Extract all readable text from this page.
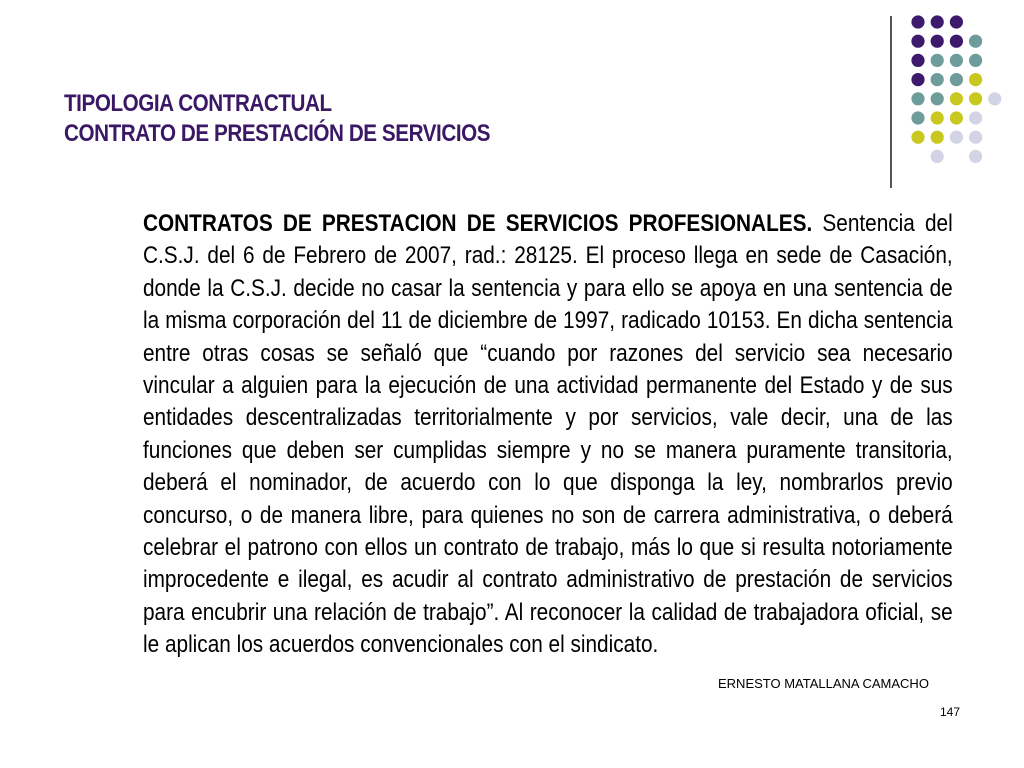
TIPOLOGIA CONTRACTUAL
CONTRATO DE PRESTACIÓN DE SERVICIOS
CONTRATOS DE PRESTACION DE SERVICIOS PROFESIONALES. Sentencia del C.S.J. del 6 de Febrero de 2007, rad.: 28125. El proceso llega en sede de Casación, donde la C.S.J. decide no casar la sentencia y para ello se apoya en una sentencia de la misma corporación del 11 de diciembre de 1997, radicado 10153. En dicha sentencia entre otras cosas se señaló que “cuando por razones del servicio sea necesario vincular a alguien para la ejecución de una actividad permanente del Estado y de sus entidades descentralizadas territorialmente y por servicios, vale decir, una de las funciones que deben ser cumplidas siempre y no se manera puramente transitoria, deberá el nominador, de acuerdo con lo que disponga la ley, nombrarlos previo concurso, o de manera libre, para quienes no son de carrera administrativa, o deberá celebrar el patrono con ellos un contrato de trabajo, más lo que si resulta notoriamente improcedente e ilegal, es acudir al contrato administrativo de prestación de servicios para encubrir una relación de trabajo”. Al reconocer la calidad de trabajadora oficial, se le aplican los acuerdos convencionales con el sindicato.
ERNESTO MATALLANA CAMACHO
147
